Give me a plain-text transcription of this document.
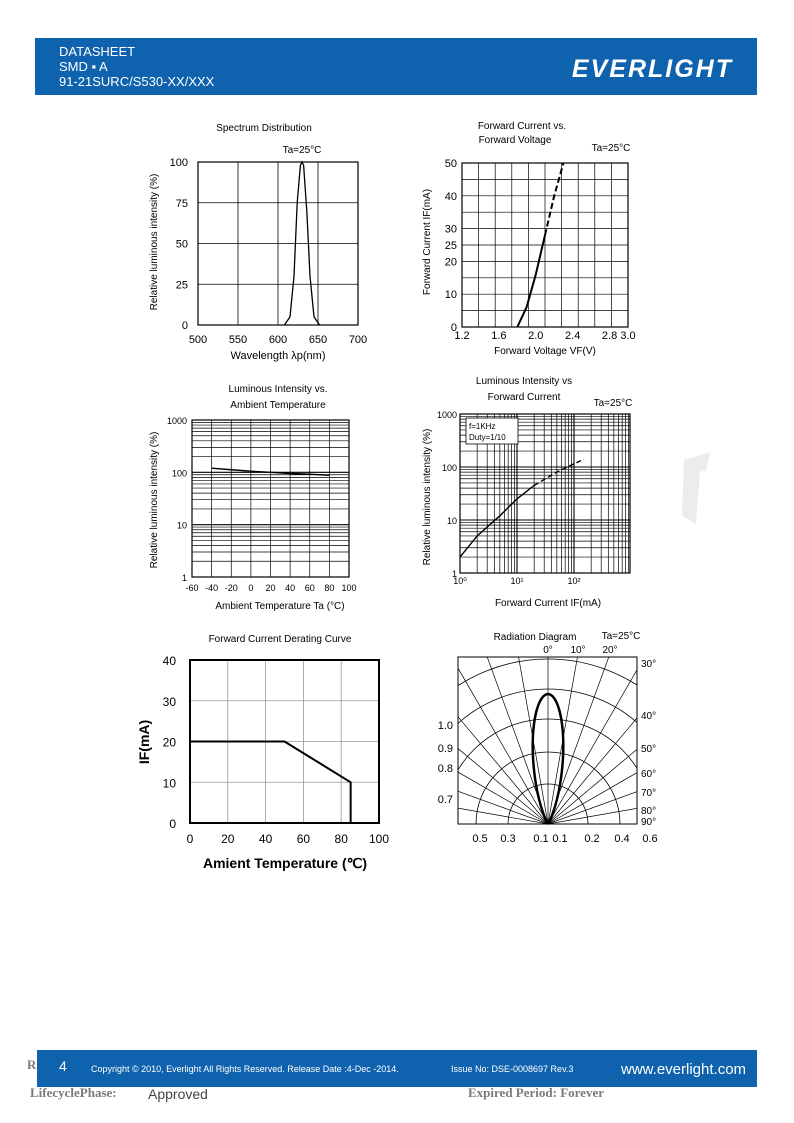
DATASHEET
SMD ▪ A
91-21SURC/S530-XX/XXX	EVERLIGHT
Spectrum Distribution
Ta=25°C
500 550 600 650 700
0
25
50
75
100
Relative luminous intensity (%)
Wavelength λp(nm)
Forward Current vs.
Forward Voltage
Ta=25°C
1.2 1.6 2.0 2.4 2.8 3.0
0
10
20
25
30
40
50
Forward Current IF(mA)
Forward Voltage VF(V)
Luminous Intensity vs.
Ambient Temperature
-60 -40 -20 0 20 40 60 80 100
1
10
100
1000
Relative luminous intensity (%)
Ambient Temperature Ta (°C)
Luminous Intensity vs
Forward Current
Ta=25°C
10⁰	10¹	10²
1
10
100
1000
f=1KHz
Duty=1/10
Relative luminous intensity (%)
Forward Current IF(mA)
Forward Current Derating Curve
0 20 40 60 80 100
0
10
20
30
40
IF(mA)
Amient Temperature (℃)
Radiation Diagram	Ta=25°C
0° 10° 20°
30°
40°
50°
60°
70°
80°
90°
1.0
0.9
0.8
0.7
0.5 0.3 0.1 0.1 0.2 0.4 0.6
R 4	Copyright © 2010, Everlight All Rights Reserved. Release Date :4-Dec -2014.	Issue No: DSE-0008697 Rev.3	www.everlight.com
LifecyclePhase: Approved	Expired Period: Forever
